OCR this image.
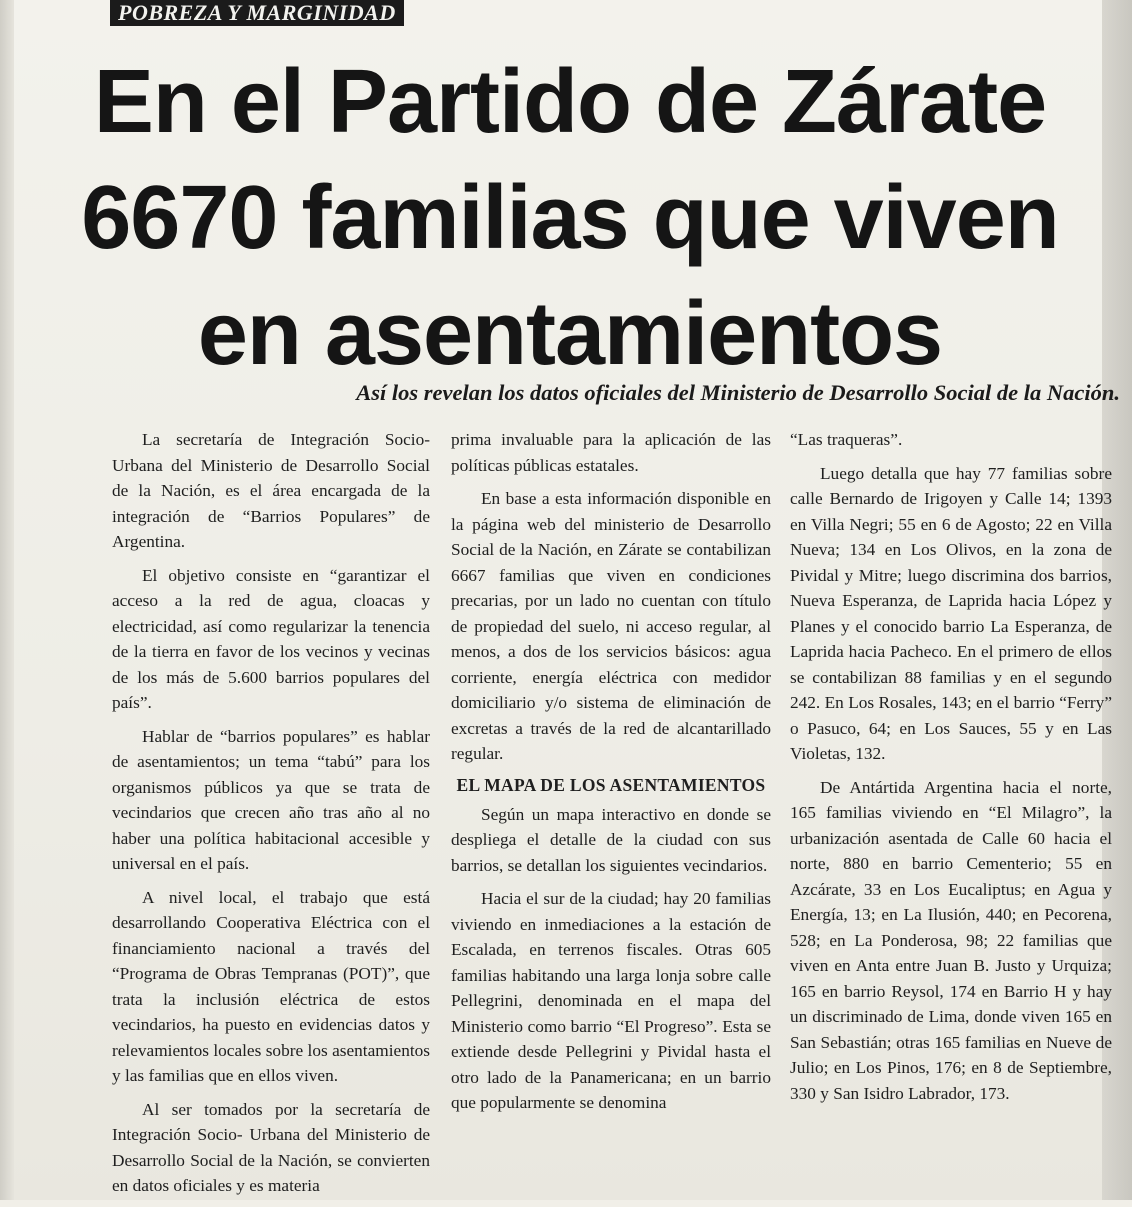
POBREZA Y MARGINIDAD
En el Partido de Zárate
6670 familias que viven
en asentamientos
Así los revelan los datos oficiales del Ministerio de Desarrollo Social de la Nación.

La secretaría de Integración Socio-Urbana del Ministerio de Desarrollo Social de la Nación, es el área encargada de la integración de “Barrios Populares” de Argentina.

El objetivo consiste en “garantizar el acceso a la red de agua, cloacas y electricidad, así como regularizar la tenencia de la tierra en favor de los vecinos y vecinas de los más de 5.600 barrios populares del país”.

Hablar de “barrios populares” es hablar de asentamientos; un tema “tabú” para los organismos públicos ya que se trata de vecindarios que crecen año tras año al no haber una política habitacional accesible y universal en el país.

A nivel local, el trabajo que está desarrollando Cooperativa Eléctrica con el financiamiento nacional a través del “Programa de Obras Tempranas (POT)”, que trata la inclusión eléctrica de estos vecindarios, ha puesto en evidencias datos y relevamientos locales sobre los asentamientos y las familias que en ellos viven.

Al ser tomados por la secretaría de Integración Socio- Urbana del Ministerio de Desarrollo Social de la Nación, se convierten en datos oficiales y es materia

prima invaluable para la aplicación de las políticas públicas estatales.

En base a esta información disponible en la página web del ministerio de Desarrollo Social de la Nación, en Zárate se contabilizan 6667 familias que viven en condiciones precarias, por un lado no cuentan con título de propiedad del suelo, ni acceso regular, al menos, a dos de los servicios básicos: agua corriente, energía eléctrica con medidor domiciliario y/o sistema de eliminación de excretas a través de la red de alcantarillado regular.

EL MAPA DE LOS ASENTAMIENTOS

Según un mapa interactivo en donde se despliega el detalle de la ciudad con sus barrios, se detallan los siguientes vecindarios.

Hacia el sur de la ciudad; hay 20 familias viviendo en inmediaciones a la estación de Escalada, en terrenos fiscales. Otras 605 familias habitando una larga lonja sobre calle Pellegrini, denominada en el mapa del Ministerio como barrio “El Progreso”. Esta se extiende desde Pellegrini y Pividal hasta el otro lado de la Panamericana; en un barrio que popularmente se denomina

“Las traqueras”.

Luego detalla que hay 77 familias sobre calle Bernardo de Irigoyen y Calle 14; 1393 en Villa Negri; 55 en 6 de Agosto; 22 en Villa Nueva; 134 en Los Olivos, en la zona de Pividal y Mitre; luego discrimina dos barrios, Nueva Esperanza, de Laprida hacia López y Planes y el conocido barrio La Esperanza, de Laprida hacia Pacheco. En el primero de ellos se contabilizan 88 familias y en el segundo 242. En Los Rosales, 143; en el barrio “Ferry” o Pasuco, 64; en Los Sauces, 55 y en Las Violetas, 132.

De Antártida Argentina hacia el norte, 165 familias viviendo en “El Milagro”, la urbanización asentada de Calle 60 hacia el norte, 880 en barrio Cementerio; 55 en Azcárate, 33 en Los Eucaliptus; en Agua y Energía, 13; en La Ilusión, 440; en Pecorena, 528; en La Ponderosa, 98; 22 familias que viven en Anta entre Juan B. Justo y Urquiza; 165 en barrio Reysol, 174 en Barrio H y hay un discriminado de Lima, donde viven 165 en San Sebastián; otras 165 familias en Nueve de Julio; en Los Pinos, 176; en 8 de Septiembre, 330 y San Isidro Labrador, 173.
